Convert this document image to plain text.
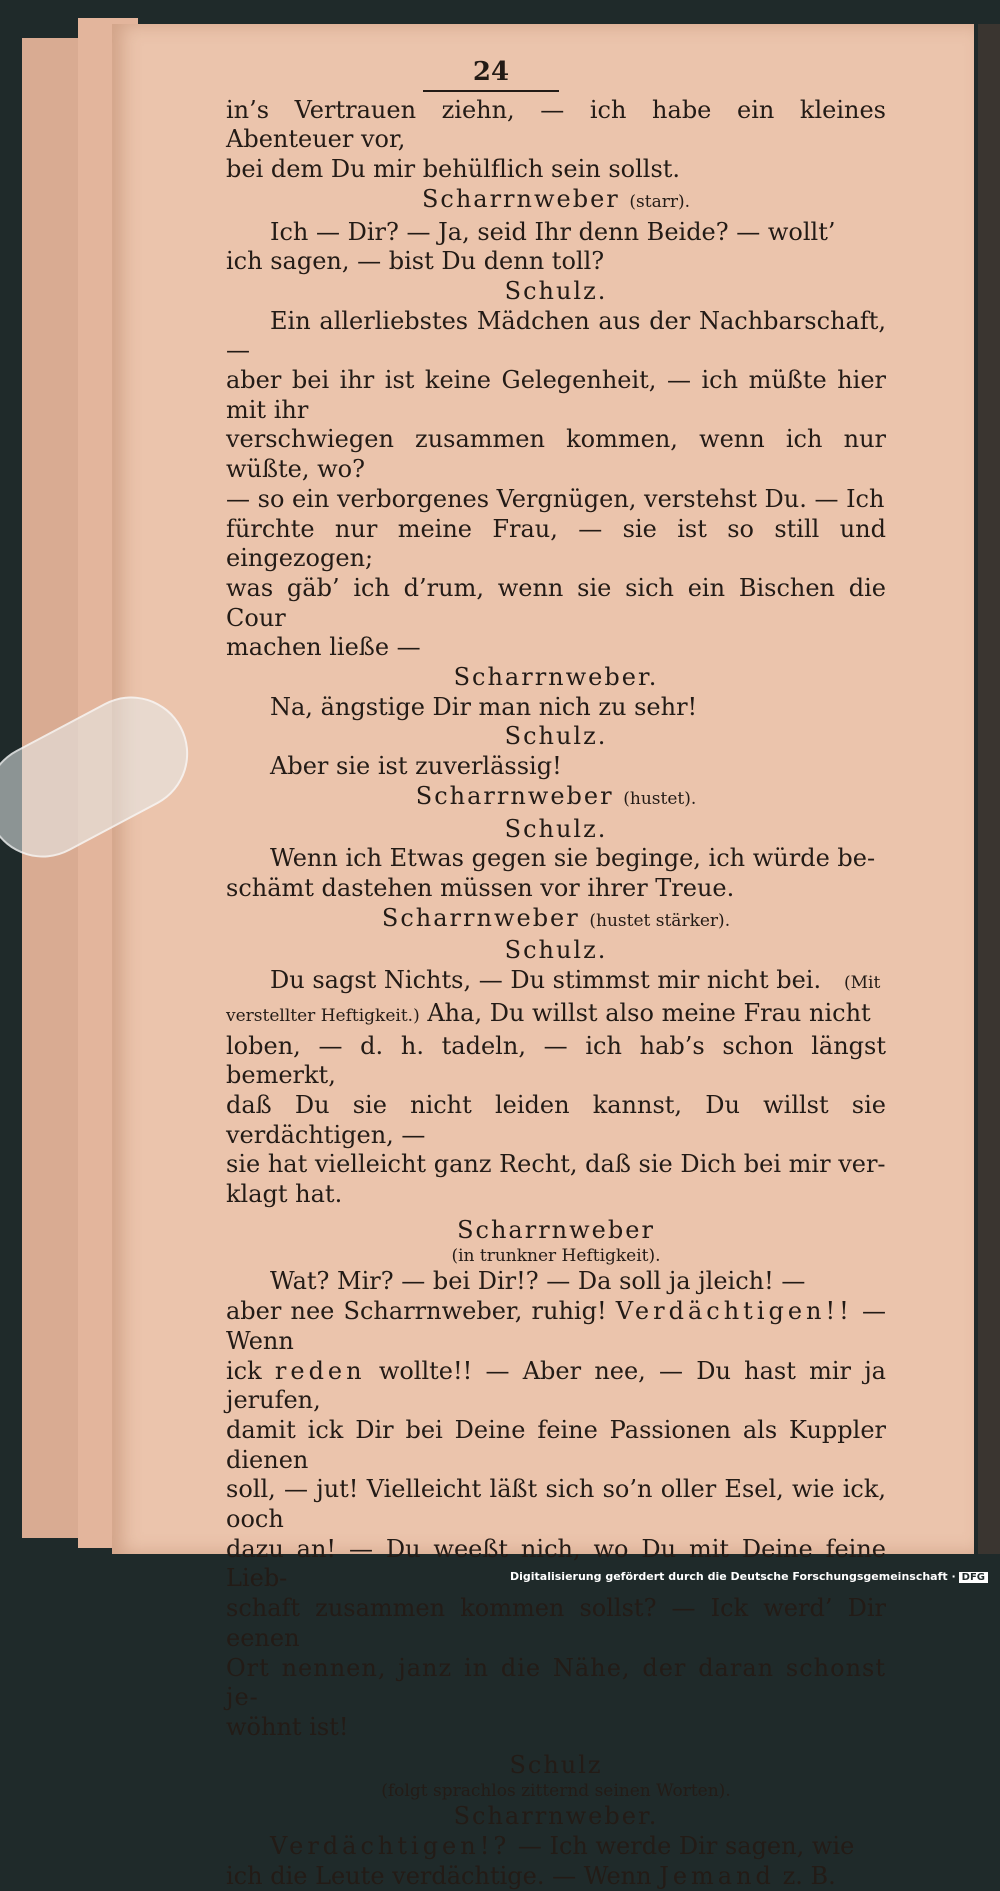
24

in’s Vertrauen ziehn, — ich habe ein kleines Abenteuer vor,

bei dem Du mir behülflich sein sollst.

Scharrnweber (starr).

Ich — Dir? — Ja, seid Ihr denn Beide? — wollt’

ich sagen, — bist Du denn toll?

Schulz.

Ein allerliebstes Mädchen aus der Nachbarschaft, —

aber bei ihr ist keine Gelegenheit, — ich müßte hier mit ihr

verschwiegen zusammen kommen, wenn ich nur wüßte, wo?

— so ein verborgenes Vergnügen, verstehst Du. — Ich

fürchte nur meine Frau, — sie ist so still und eingezogen;

was gäb’ ich d’rum, wenn sie sich ein Bischen die Cour

machen ließe —

Scharrnweber.

Na, ängstige Dir man nich zu sehr!

Schulz.

Aber sie ist zuverlässig!

Scharrnweber (hustet).

Schulz.

Wenn ich Etwas gegen sie beginge, ich würde be-

schämt dastehen müssen vor ihrer Treue.

Scharrnweber (hustet stärker).

Schulz.

Du sagst Nichts, — Du stimmst mir nicht bei. (Mit

verstellter Heftigkeit.) Aha, Du willst also meine Frau nicht

loben, — d. h. tadeln, — ich hab’s schon längst bemerkt,

daß Du sie nicht leiden kannst, Du willst sie verdächtigen, —

sie hat vielleicht ganz Recht, daß sie Dich bei mir ver-

klagt hat.

Scharrnweber

(in trunkner Heftigkeit).

Wat? Mir? — bei Dir!? — Da soll ja jleich! —

aber nee Scharrnweber, ruhig! Verdächtigen!! — Wenn

ick reden wollte!! — Aber nee, — Du hast mir ja jerufen,

damit ick Dir bei Deine feine Passionen als Kuppler dienen

soll, — jut! Vielleicht läßt sich so’n oller Esel, wie ick, ooch

dazu an! — Du weeßt nich, wo Du mit Deine feine Lieb-

schaft zusammen kommen sollst? — Ick werd’ Dir eenen

Ort nennen, janz in die Nähe, der daran schonst je-

wöhnt ist!

Schulz

(folgt sprachlos zitternd seinen Worten).

Scharrnweber.

Verdächtigen!? — Ich werde Dir sagen, wie

ich die Leute verdächtige. — Wenn Jemand z. B.

Digitalisierung gefördert durch die Deutsche Forschungsgemeinschaft · DFG
